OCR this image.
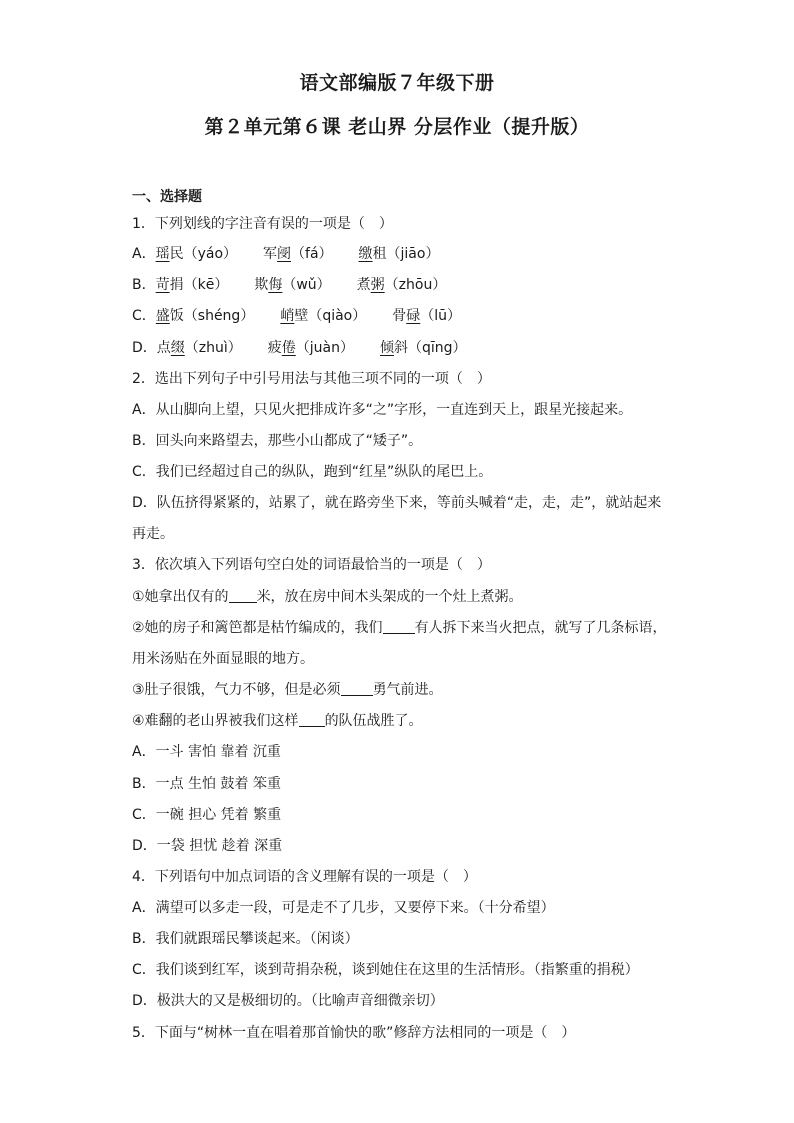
语文部编版７年级下册
第２单元第６课 老山界 分层作业（提升版）
一、选择题
1．下列划线的字注音有误的一项是（　）
A．瑶民（yáo） 军阌（fá） 缴租（jiāo）
B．苛捐（kē） 欺侮（wǔ） 煮粥（zhōu）
C．盛饭（shéng） 峭壁（qiào） 骨碌（lū）
D．点缀（zhuì） 疲倦（juàn） 倾斜（qīng）
2．选出下列句子中引号用法与其他三项不同的一项（　）
A．从山脚向上望，只见火把排成许多“之”字形，一直连到天上，跟星光接起来。
B．回头向来路望去，那些小山都成了“矮子”。
C．我们已经超过自己的纵队，跑到“红星”纵队的尾巴上。
D．队伍挤得紧紧的，站累了，就在路旁坐下来，等前头喊着“走，走，走”，就站起来
再走。
3．依次填入下列语句空白处的词语最恰当的一项是（　）
①她拿出仅有的 米，放在房中间木头架成的一个灶上煮粥。
②她的房子和篱笆都是枯竹编成的，我们 有人拆下来当火把点，就写了几条标语，
用米汤贴在外面显眼的地方。
③肚子很饿，气力不够，但是必须 勇气前进。
④难翻的老山界被我们这样 的队伍战胜了。
A．一斗 害怕 靠着 沉重
B．一点 生怕 鼓着 笨重
C．一碗 担心 凭着 繁重
D．一袋 担忧 趁着 深重
4．下列语句中加点词语的含义理解有误的一项是（　）
A．满望可以多走一段，可是走不了几步，又要停下来。（十分希望）
B．我们就跟瑶民攀谈起来。（闲谈）
C．我们谈到红军，谈到苛捐杂税，谈到她住在这里的生活情形。（指繁重的捐税）
D．极洪大的又是极细切的。（比喻声音细微亲切）
5．下面与“树林一直在唱着那首愉快的歌”修辞方法相同的一项是（　）
